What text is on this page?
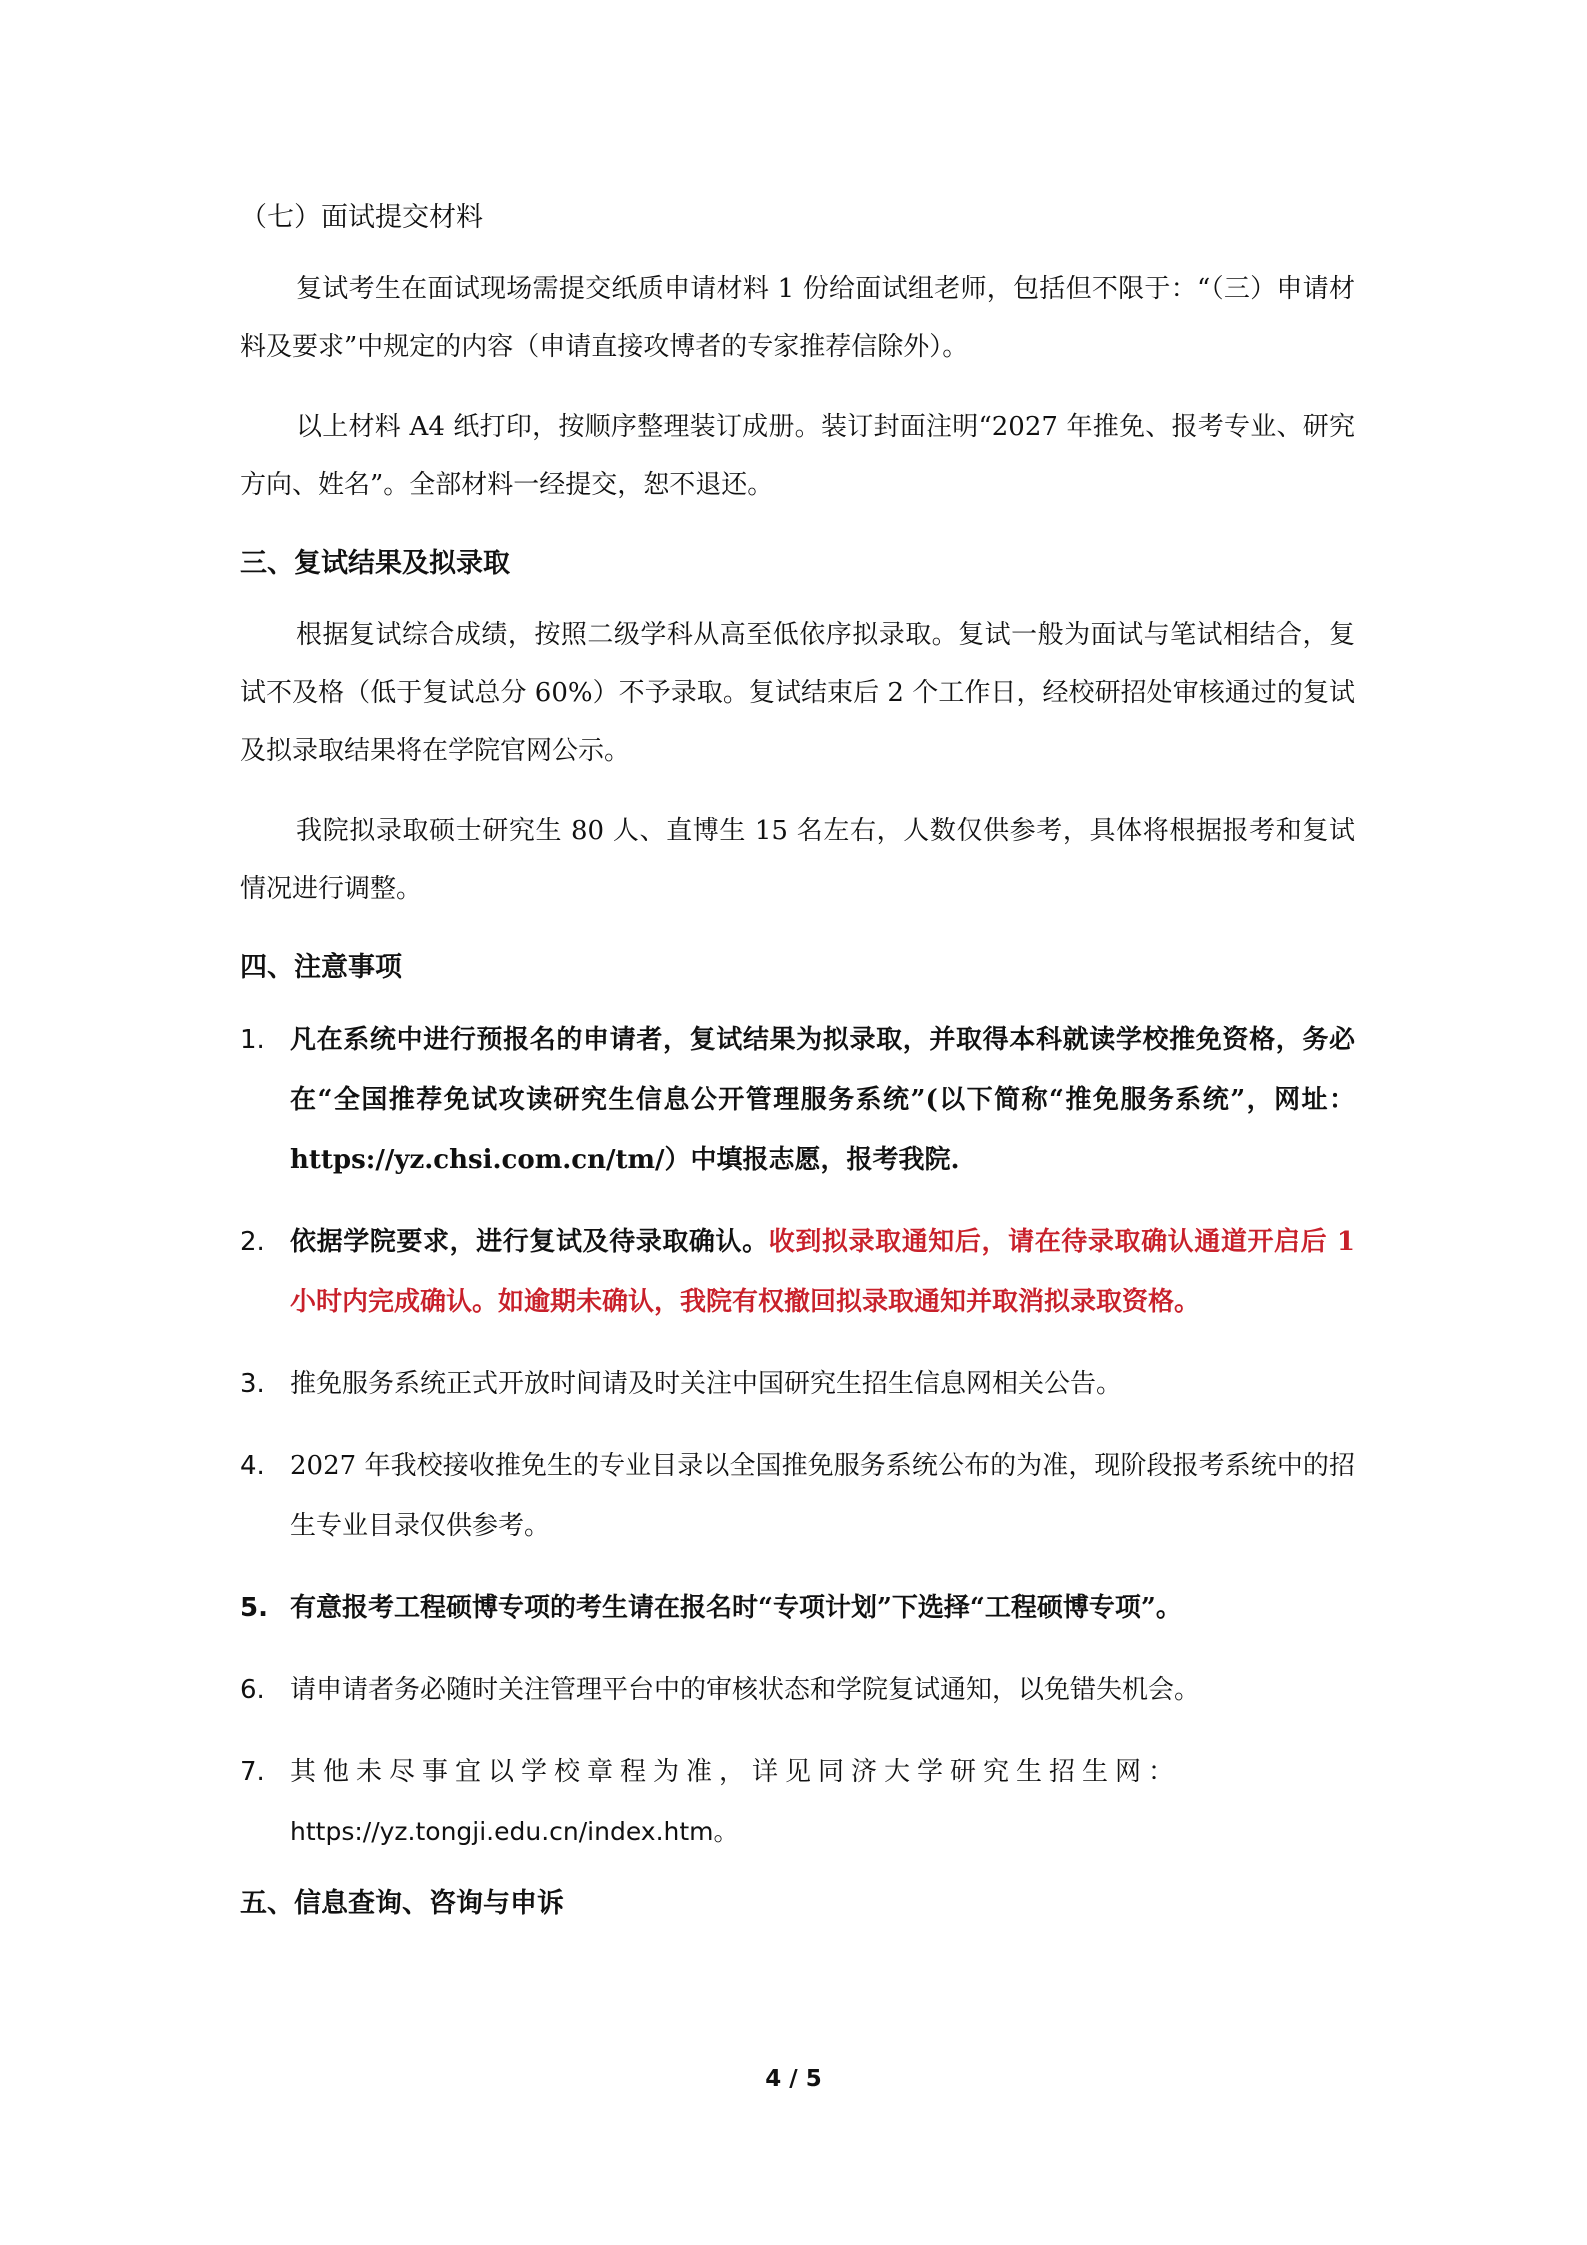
（七）面试提交材料

复试考生在面试现场需提交纸质申请材料 1 份给面试组老师，包括但不限于：“（三）申请材料及要求”中规定的内容（申请直接攻博者的专家推荐信除外）。

以上材料 A4 纸打印，按顺序整理装订成册。装订封面注明“2027 年推免、报考专业、研究方向、姓名”。全部材料一经提交，恕不退还。

三、复试结果及拟录取

根据复试综合成绩，按照二级学科从高至低依序拟录取。复试一般为面试与笔试相结合，复试不及格（低于复试总分 60%）不予录取。复试结束后 2 个工作日，经校研招处审核通过的复试及拟录取结果将在学院官网公示。

我院拟录取硕士研究生 80 人、直博生 15 名左右，人数仅供参考，具体将根据报考和复试情况进行调整。

四、注意事项
1. 凡在系统中进行预报名的申请者，复试结果为拟录取，并取得本科就读学校推免资格，务必在“全国推荐免试攻读研究生信息公开管理服务系统”(以下简称“推免服务系统”，网址：https://yz.chsi.com.cn/tm/）中填报志愿，报考我院.
2. 依据学院要求，进行复试及待录取确认。收到拟录取通知后，请在待录取确认通道开启后 1 小时内完成确认。如逾期未确认，我院有权撤回拟录取通知并取消拟录取资格。
3. 推免服务系统正式开放时间请及时关注中国研究生招生信息网相关公告。
4. 2027 年我校接收推免生的专业目录以全国推免服务系统公布的为准，现阶段报考系统中的招生专业目录仅供参考。
5. 有意报考工程硕博专项的考生请在报名时“专项计划”下选择“工程硕博专项”。
6. 请申请者务必随时关注管理平台中的审核状态和学院复试通知，以免错失机会。
7. 其他未尽事宜以学校章程为准，详见同济大学研究生招生网：
https://yz.tongji.edu.cn/index.htm。
五、信息查询、咨询与申诉
4 / 5
